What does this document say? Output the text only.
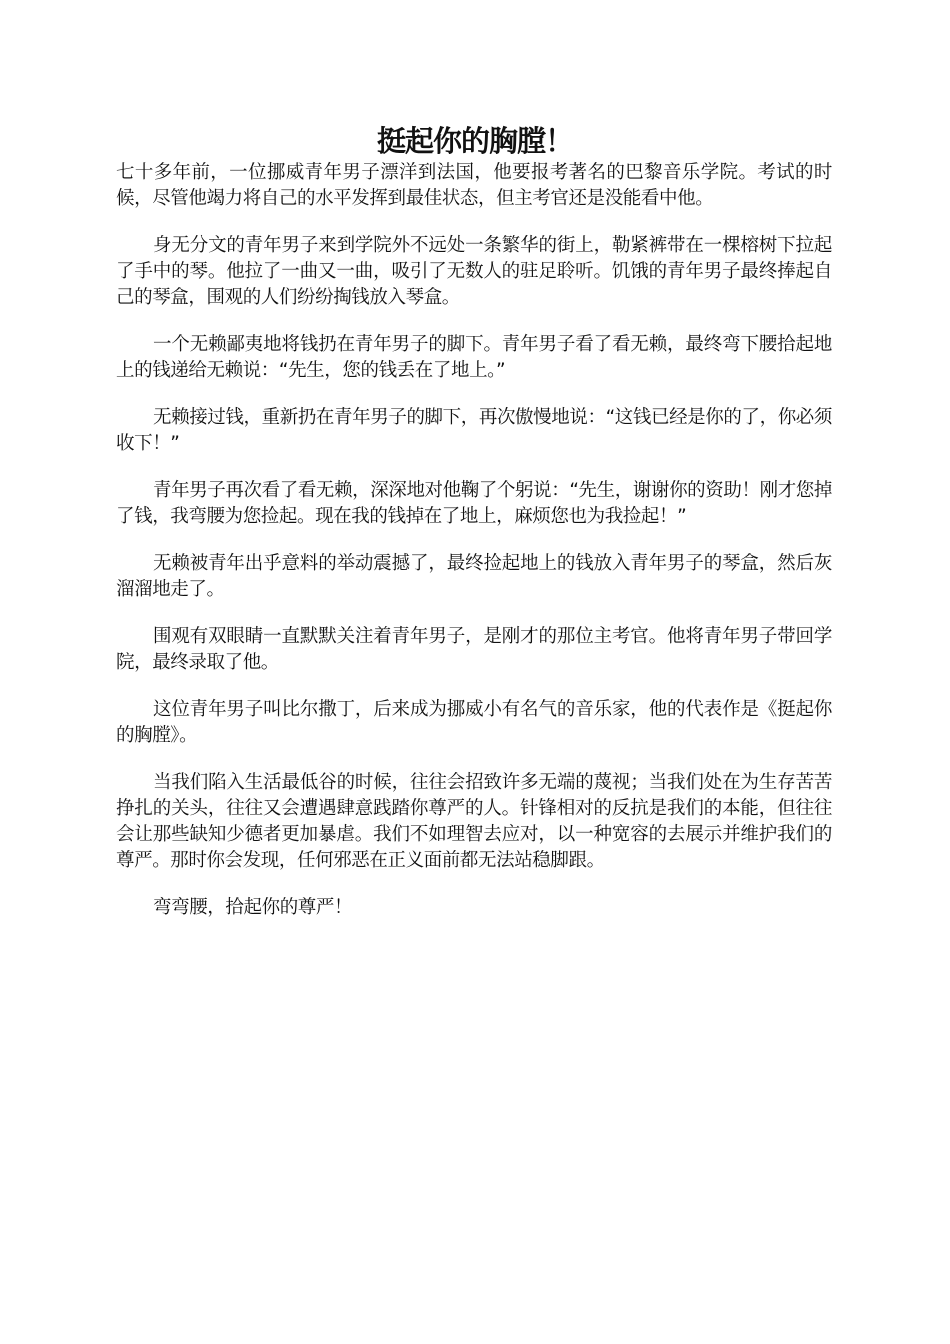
挺起你的胸膛！

七十多年前，一位挪威青年男子漂洋到法国，他要报考著名的巴黎音乐学院。考试的时候，尽管他竭力将自己的水平发挥到最佳状态，但主考官还是没能看中他。

身无分文的青年男子来到学院外不远处一条繁华的街上，勒紧裤带在一棵榕树下拉起了手中的琴。他拉了一曲又一曲，吸引了无数人的驻足聆听。饥饿的青年男子最终捧起自己的琴盒，围观的人们纷纷掏钱放入琴盒。

一个无赖鄙夷地将钱扔在青年男子的脚下。青年男子看了看无赖，最终弯下腰拾起地上的钱递给无赖说：“先生，您的钱丢在了地上。”

无赖接过钱，重新扔在青年男子的脚下，再次傲慢地说：“这钱已经是你的了，你必须收下！”

青年男子再次看了看无赖，深深地对他鞠了个躬说：“先生，谢谢你的资助！刚才您掉了钱，我弯腰为您捡起。现在我的钱掉在了地上，麻烦您也为我捡起！”

无赖被青年出乎意料的举动震撼了，最终捡起地上的钱放入青年男子的琴盒，然后灰溜溜地走了。

围观有双眼睛一直默默关注着青年男子，是刚才的那位主考官。他将青年男子带回学院，最终录取了他。

这位青年男子叫比尔撒丁，后来成为挪威小有名气的音乐家，他的代表作是《挺起你的胸膛》。

当我们陷入生活最低谷的时候，往往会招致许多无端的蔑视；当我们处在为生存苦苦挣扎的关头，往往又会遭遇肆意践踏你尊严的人。针锋相对的反抗是我们的本能，但往往会让那些缺知少德者更加暴虐。我们不如理智去应对，以一种宽容的去展示并维护我们的尊严。那时你会发现，任何邪恶在正义面前都无法站稳脚跟。

弯弯腰，拾起你的尊严！
